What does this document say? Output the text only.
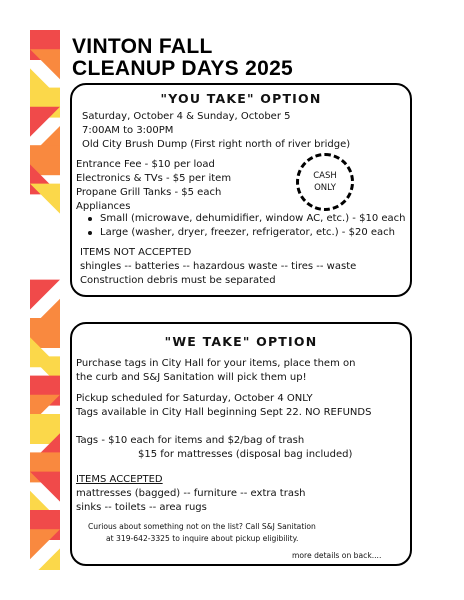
VINTON FALL
CLEANUP DAYS 2025
"YOU TAKE" OPTION
Saturday, October 4 & Sunday, October 5
7:00AM to 3:00PM
Old City Brush Dump (First right north of river bridge)
Entrance Fee - $10 per load
Electronics & TVs - $5 per item
Propane Grill Tanks - $5 each
Appliances
Small (microwave, dehumidifier, window AC, etc.) - $10 each
Large (washer, dryer, freezer, refrigerator, etc.) - $20 each
CASH
ONLY
ITEMS NOT ACCEPTED
shingles -- batteries -- hazardous waste -- tires -- waste
Construction debris must be separated
"WE TAKE" OPTION
Purchase tags in City Hall for your items, place them on
the curb and S&J Sanitation will pick them up!
Pickup scheduled for Saturday, October 4 ONLY
Tags available in City Hall beginning Sept 22. NO REFUNDS
Tags - $10 each for items and $2/bag of trash
$15 for mattresses (disposal bag included)
ITEMS ACCEPTED
mattresses (bagged) -- furniture -- extra trash
sinks -- toilets -- area rugs
Curious about something not on the list? Call S&J Sanitation
at 319-642-3325 to inquire about pickup eligibility.
more details on back....
